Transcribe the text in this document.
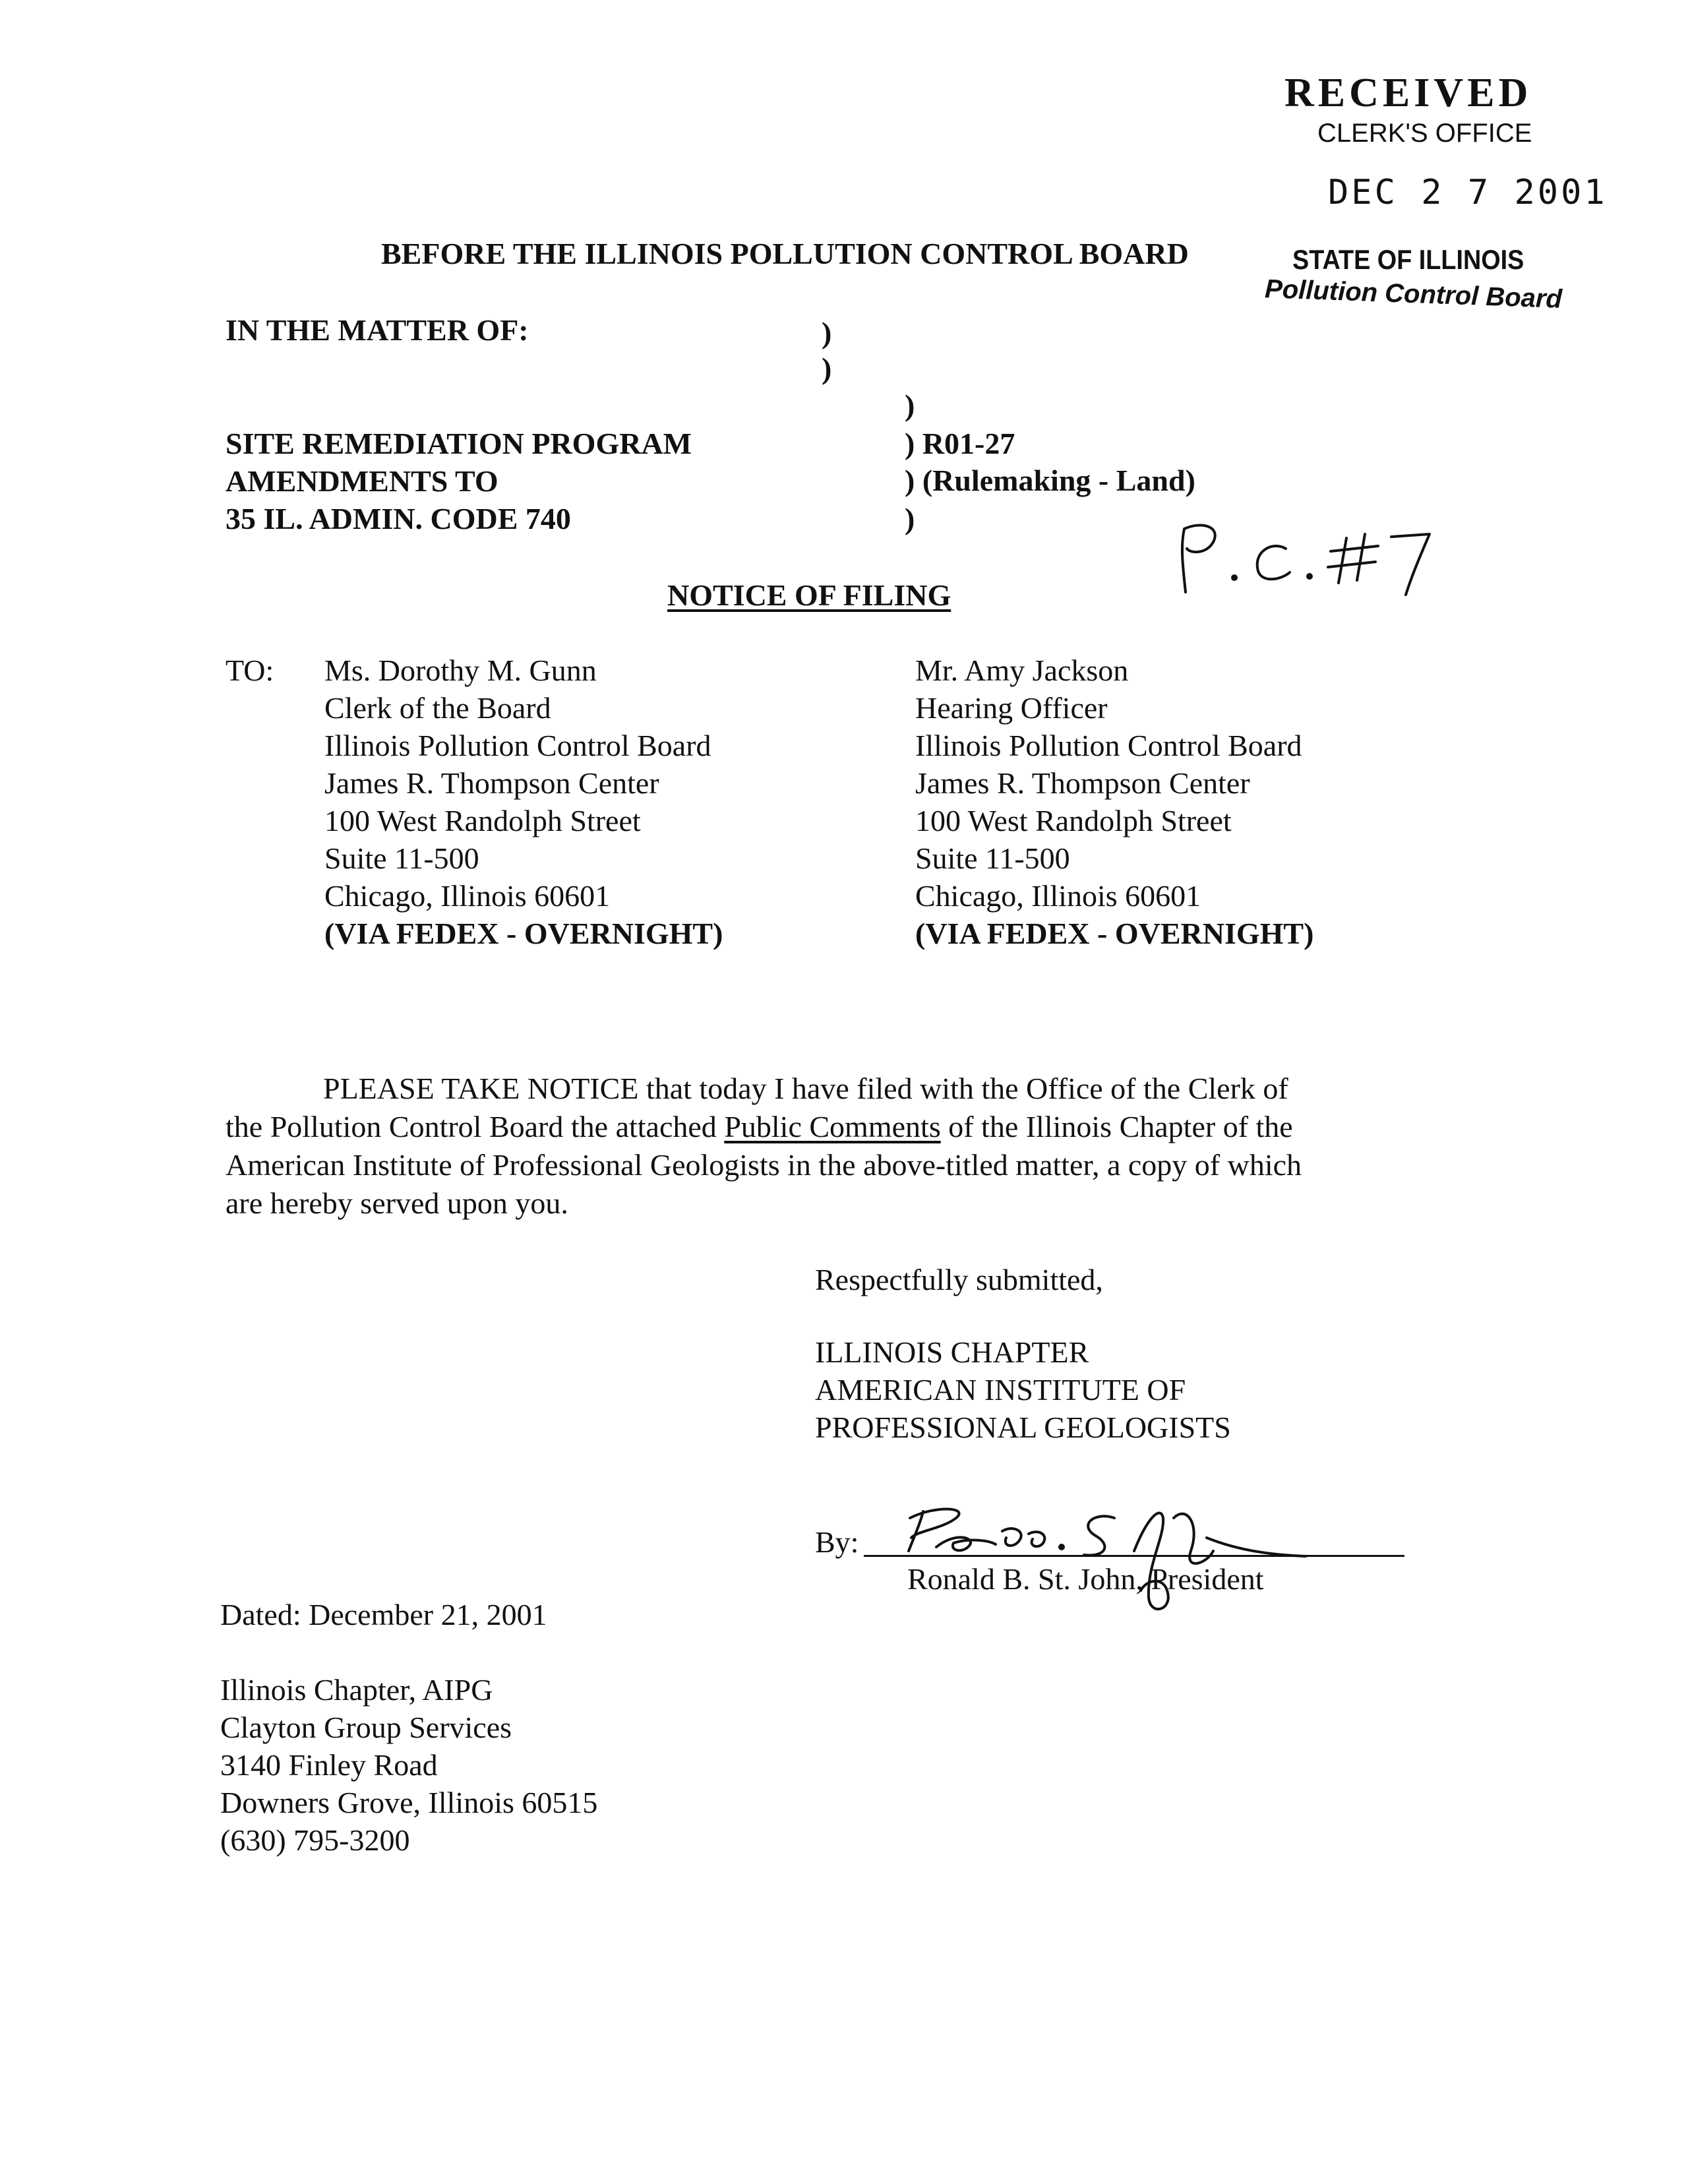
RECEIVED
CLERK'S OFFICE
DEC 2 7 2001
STATE OF ILLINOIS
Pollution Control Board
BEFORE THE ILLINOIS POLLUTION CONTROL BOARD
IN THE MATTER OF:
SITE REMEDIATION PROGRAM
AMENDMENTS TO
35 IL. ADMIN. CODE 740
)
)
)
) R01-27
) (Rulemaking - Land)
)
NOTICE OF FILING
TO: Ms. Dorothy M. Gunn
Clerk of the Board
Illinois Pollution Control Board
James R. Thompson Center
100 West Randolph Street
Suite 11-500
Chicago, Illinois 60601
(VIA FEDEX - OVERNIGHT)
Mr. Amy Jackson
Hearing Officer
Illinois Pollution Control Board
James R. Thompson Center
100 West Randolph Street
Suite 11-500
Chicago, Illinois 60601
(VIA FEDEX - OVERNIGHT)
PLEASE TAKE NOTICE that today I have filed with the Office of the Clerk of
the Pollution Control Board the attached Public Comments of the Illinois Chapter of the
American Institute of Professional Geologists in the above-titled matter, a copy of which
are hereby served upon you.
Respectfully submitted,
ILLINOIS CHAPTER
AMERICAN INSTITUTE OF
PROFESSIONAL GEOLOGISTS
By:
Ronald B. St. John, President
Dated: December 21, 2001
Illinois Chapter, AIPG
Clayton Group Services
3140 Finley Road
Downers Grove, Illinois 60515
(630) 795-3200
